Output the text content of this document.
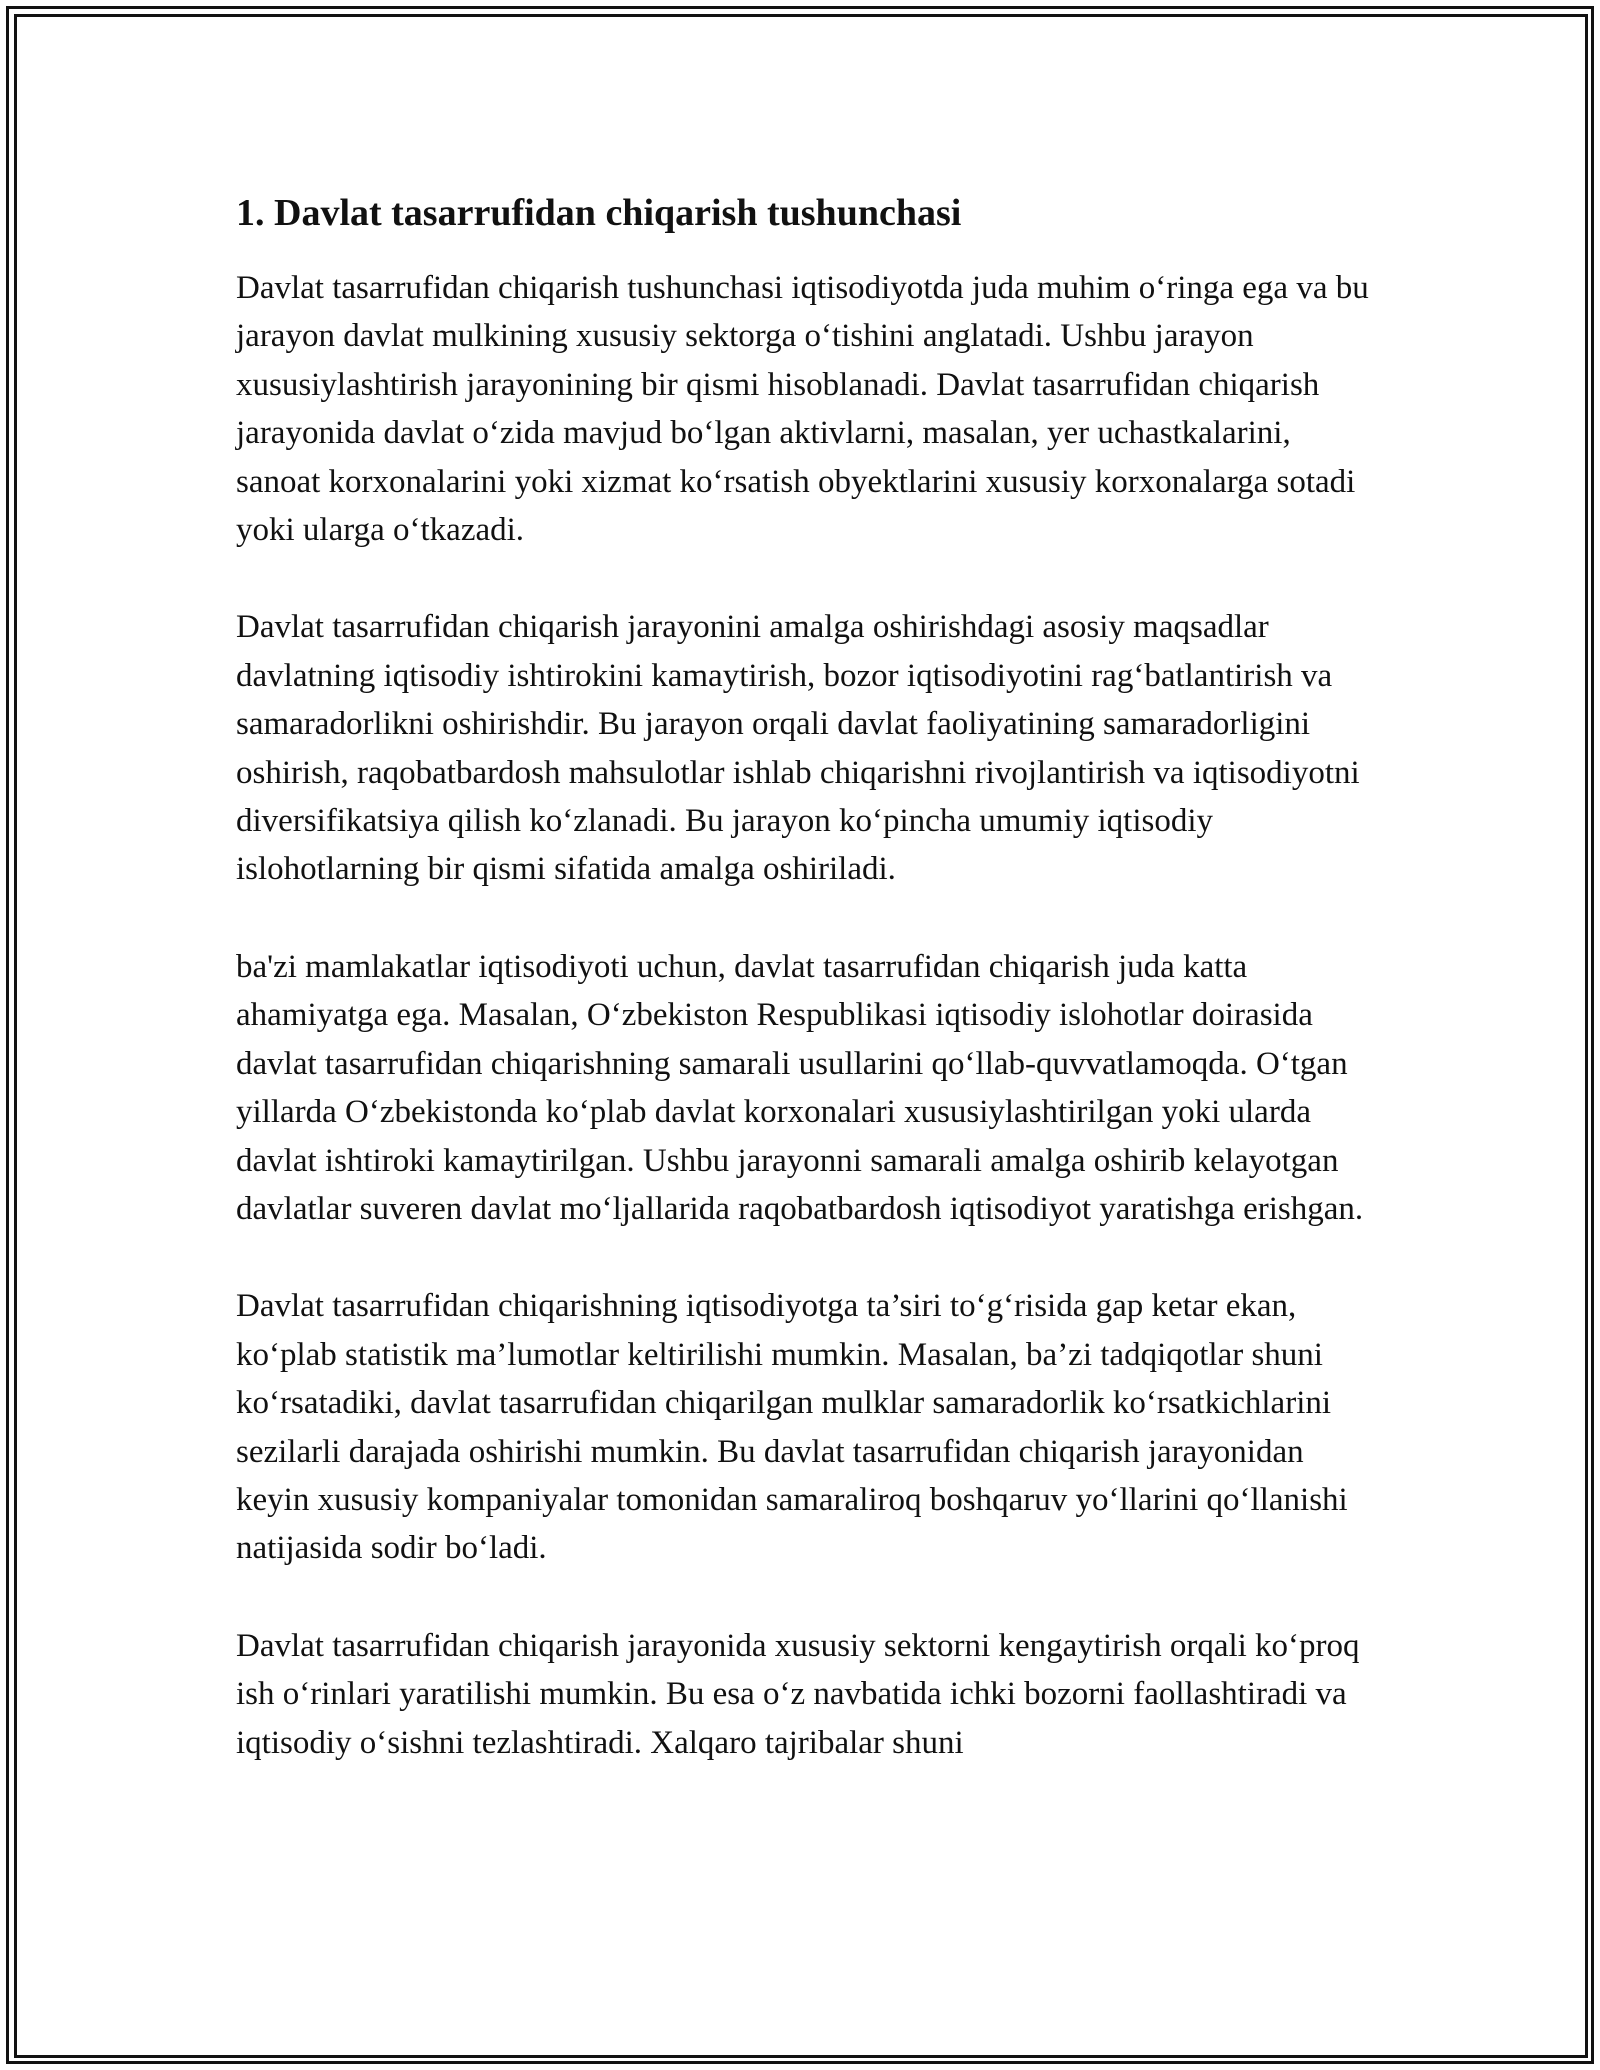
1. Davlat tasarrufidan chiqarish tushunchasi

Davlat tasarrufidan chiqarish tushunchasi iqtisodiyotda juda muhim o‘ringa ega va bu jarayon davlat mulkining xususiy sektorga o‘tishini anglatadi. Ushbu jarayon xususiylashtirish jarayonining bir qismi hisoblanadi. Davlat tasarrufidan chiqarish jarayonida davlat o‘zida mavjud bo‘lgan aktivlarni, masalan, yer uchastkalarini, sanoat korxonalarini yoki xizmat ko‘rsatish obyektlarini xususiy korxonalarga sotadi yoki ularga o‘tkazadi.

Davlat tasarrufidan chiqarish jarayonini amalga oshirishdagi asosiy maqsadlar davlatning iqtisodiy ishtirokini kamaytirish, bozor iqtisodiyotini rag‘batlantirish va samaradorlikni oshirishdir. Bu jarayon orqali davlat faoliyatining samaradorligini oshirish, raqobatbardosh mahsulotlar ishlab chiqarishni rivojlantirish va iqtisodiyotni diversifikatsiya qilish ko‘zlanadi. Bu jarayon ko‘pincha umumiy iqtisodiy islohotlarning bir qismi sifatida amalga oshiriladi.

ba'zi mamlakatlar iqtisodiyoti uchun, davlat tasarrufidan chiqarish juda katta ahamiyatga ega. Masalan, O‘zbekiston Respublikasi iqtisodiy islohotlar doirasida davlat tasarrufidan chiqarishning samarali usullarini qo‘llab-quvvatlamoqda. O‘tgan yillarda O‘zbekistonda ko‘plab davlat korxonalari xususiylashtirilgan yoki ularda davlat ishtiroki kamaytirilgan. Ushbu jarayonni samarali amalga oshirib kelayotgan davlatlar suveren davlat mo‘ljallarida raqobatbardosh iqtisodiyot yaratishga erishgan.

Davlat tasarrufidan chiqarishning iqtisodiyotga ta’siri to‘g‘risida gap ketar ekan, ko‘plab statistik ma’lumotlar keltirilishi mumkin. Masalan, ba’zi tadqiqotlar shuni ko‘rsatadiki, davlat tasarrufidan chiqarilgan mulklar samaradorlik ko‘rsatkichlarini sezilarli darajada oshirishi mumkin. Bu davlat tasarrufidan chiqarish jarayonidan keyin xususiy kompaniyalar tomonidan samaraliroq boshqaruv yo‘llarini qo‘llanishi natijasida sodir bo‘ladi.

Davlat tasarrufidan chiqarish jarayonida xususiy sektorni kengaytirish orqali ko‘proq ish o‘rinlari yaratilishi mumkin. Bu esa o‘z navbatida ichki bozorni faollashtiradi va iqtisodiy o‘sishni tezlashtiradi. Xalqaro tajribalar shuni
